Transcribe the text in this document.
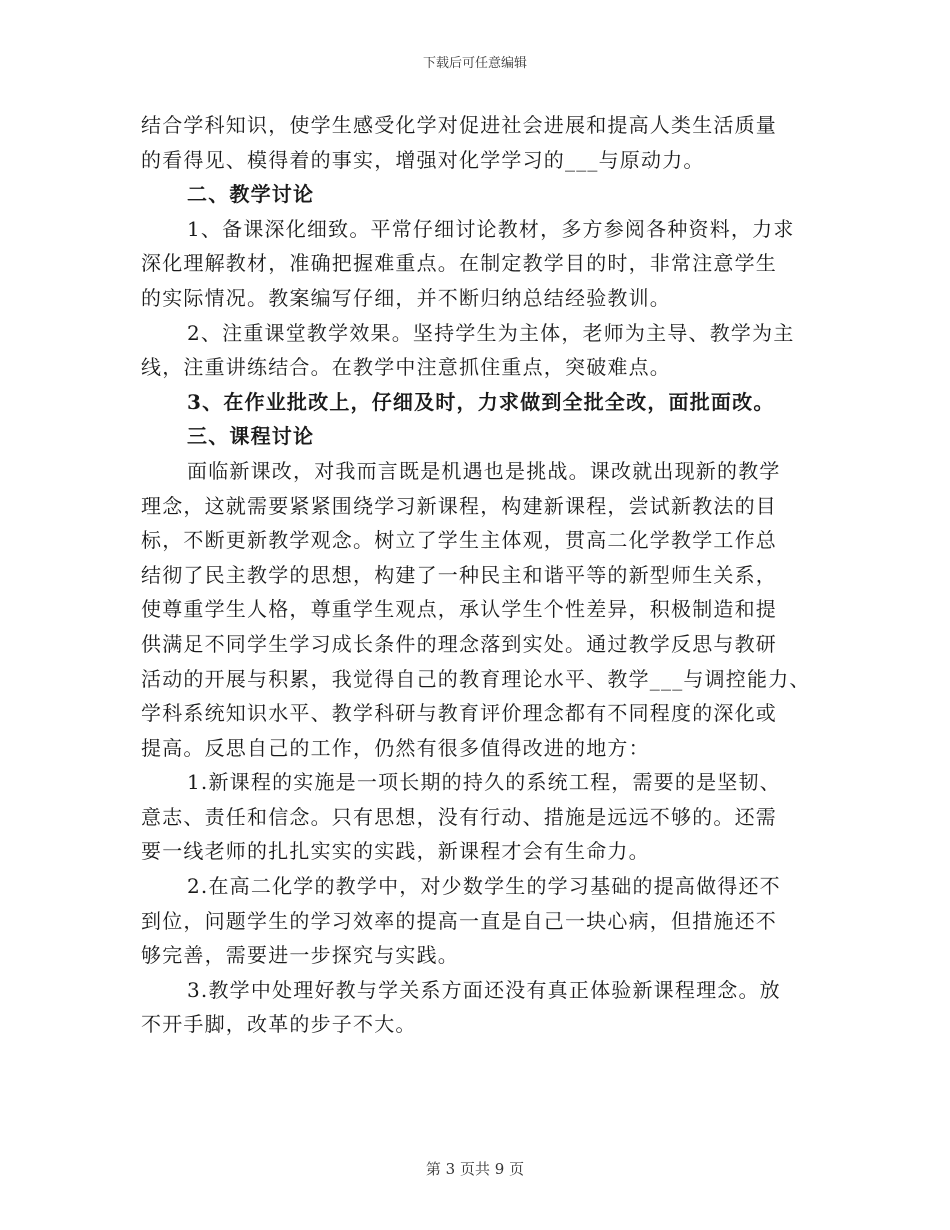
下载后可任意编辑
结合学科知识，使学生感受化学对促进社会进展和提高人类生活质量
的看得见、模得着的事实，增强对化学学习的___与原动力。
二、教学讨论
1、备课深化细致。平常仔细讨论教材，多方参阅各种资料，力求
深化理解教材，准确把握难重点。在制定教学目的时，非常注意学生
的实际情况。教案编写仔细，并不断归纳总结经验教训。
2、注重课堂教学效果。坚持学生为主体，老师为主导、教学为主
线，注重讲练结合。在教学中注意抓住重点，突破难点。
3、在作业批改上，仔细及时，力求做到全批全改，面批面改。
三、课程讨论
面临新课改，对我而言既是机遇也是挑战。课改就出现新的教学
理念，这就需要紧紧围绕学习新课程，构建新课程，尝试新教法的目
标，不断更新教学观念。树立了学生主体观，贯高二化学教学工作总
结彻了民主教学的思想，构建了一种民主和谐平等的新型师生关系，
使尊重学生人格，尊重学生观点，承认学生个性差异，积极制造和提
供满足不同学生学习成长条件的理念落到实处。通过教学反思与教研
活动的开展与积累，我觉得自己的教育理论水平、教学___与调控能力、
学科系统知识水平、教学科研与教育评价理念都有不同程度的深化或
提高。反思自己的工作，仍然有很多值得改进的地方：
1.新课程的实施是一项长期的持久的系统工程，需要的是坚韧、
意志、责任和信念。只有思想，没有行动、措施是远远不够的。还需
要一线老师的扎扎实实的实践，新课程才会有生命力。
2.在高二化学的教学中，对少数学生的学习基础的提高做得还不
到位，问题学生的学习效率的提高一直是自己一块心病，但措施还不
够完善，需要进一步探究与实践。
3.教学中处理好教与学关系方面还没有真正体验新课程理念。放
不开手脚，改革的步子不大。
第 3 页共 9 页
